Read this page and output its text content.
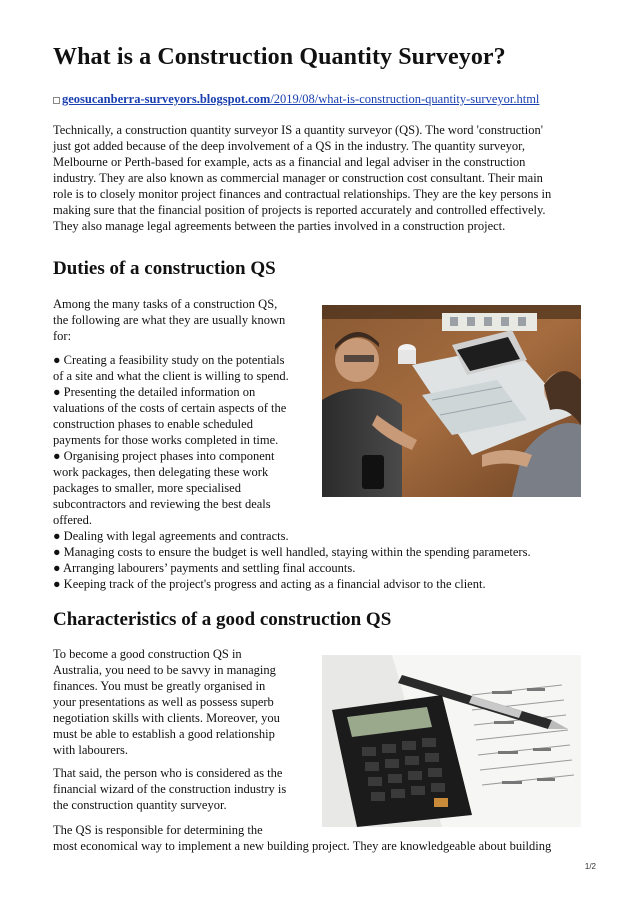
What is a Construction Quantity Surveyor?
geosucanberra-surveyors.blogspot.com/2019/08/what-is-construction-quantity-surveyor.html
Technically, a construction quantity surveyor IS a quantity surveyor (QS). The word 'construction'
just got added because of the deep involvement of a QS in the industry. The quantity surveyor,
Melbourne or Perth-based for example, acts as a financial and legal adviser in the construction
industry. They are also known as commercial manager or construction cost consultant. Their main
role is to closely monitor project finances and contractual relationships. They are the key persons in
making sure that the financial position of projects is reported accurately and controlled effectively.
They also manage legal agreements between the parties involved in a construction project.
Duties of a construction QS
Among the many tasks of a construction QS,
the following are what they are usually known
for:
● Creating a feasibility study on the potentials
of a site and what the client is willing to spend.
● Presenting the detailed information on
valuations of the costs of certain aspects of the
construction phases to enable scheduled
payments for those works completed in time.
● Organising project phases into component
work packages, then delegating these work
packages to smaller, more specialised
subcontractors and reviewing the best deals
offered.
● Dealing with legal agreements and contracts.
● Managing costs to ensure the budget is well handled, staying within the spending parameters.
● Arranging labourers’ payments and settling final accounts.
● Keeping track of the project's progress and acting as a financial advisor to the client.
Characteristics of a good construction QS
To become a good construction QS in
Australia, you need to be savvy in managing
finances. You must be greatly organised in
your presentations as well as possess superb
negotiation skills with clients. Moreover, you
must be able to establish a good relationship
with labourers.
That said, the person who is considered as the
financial wizard of the construction industry is
the construction quantity surveyor.
The QS is responsible for determining the
most economical way to implement a new building project. They are knowledgeable about building
1/2
